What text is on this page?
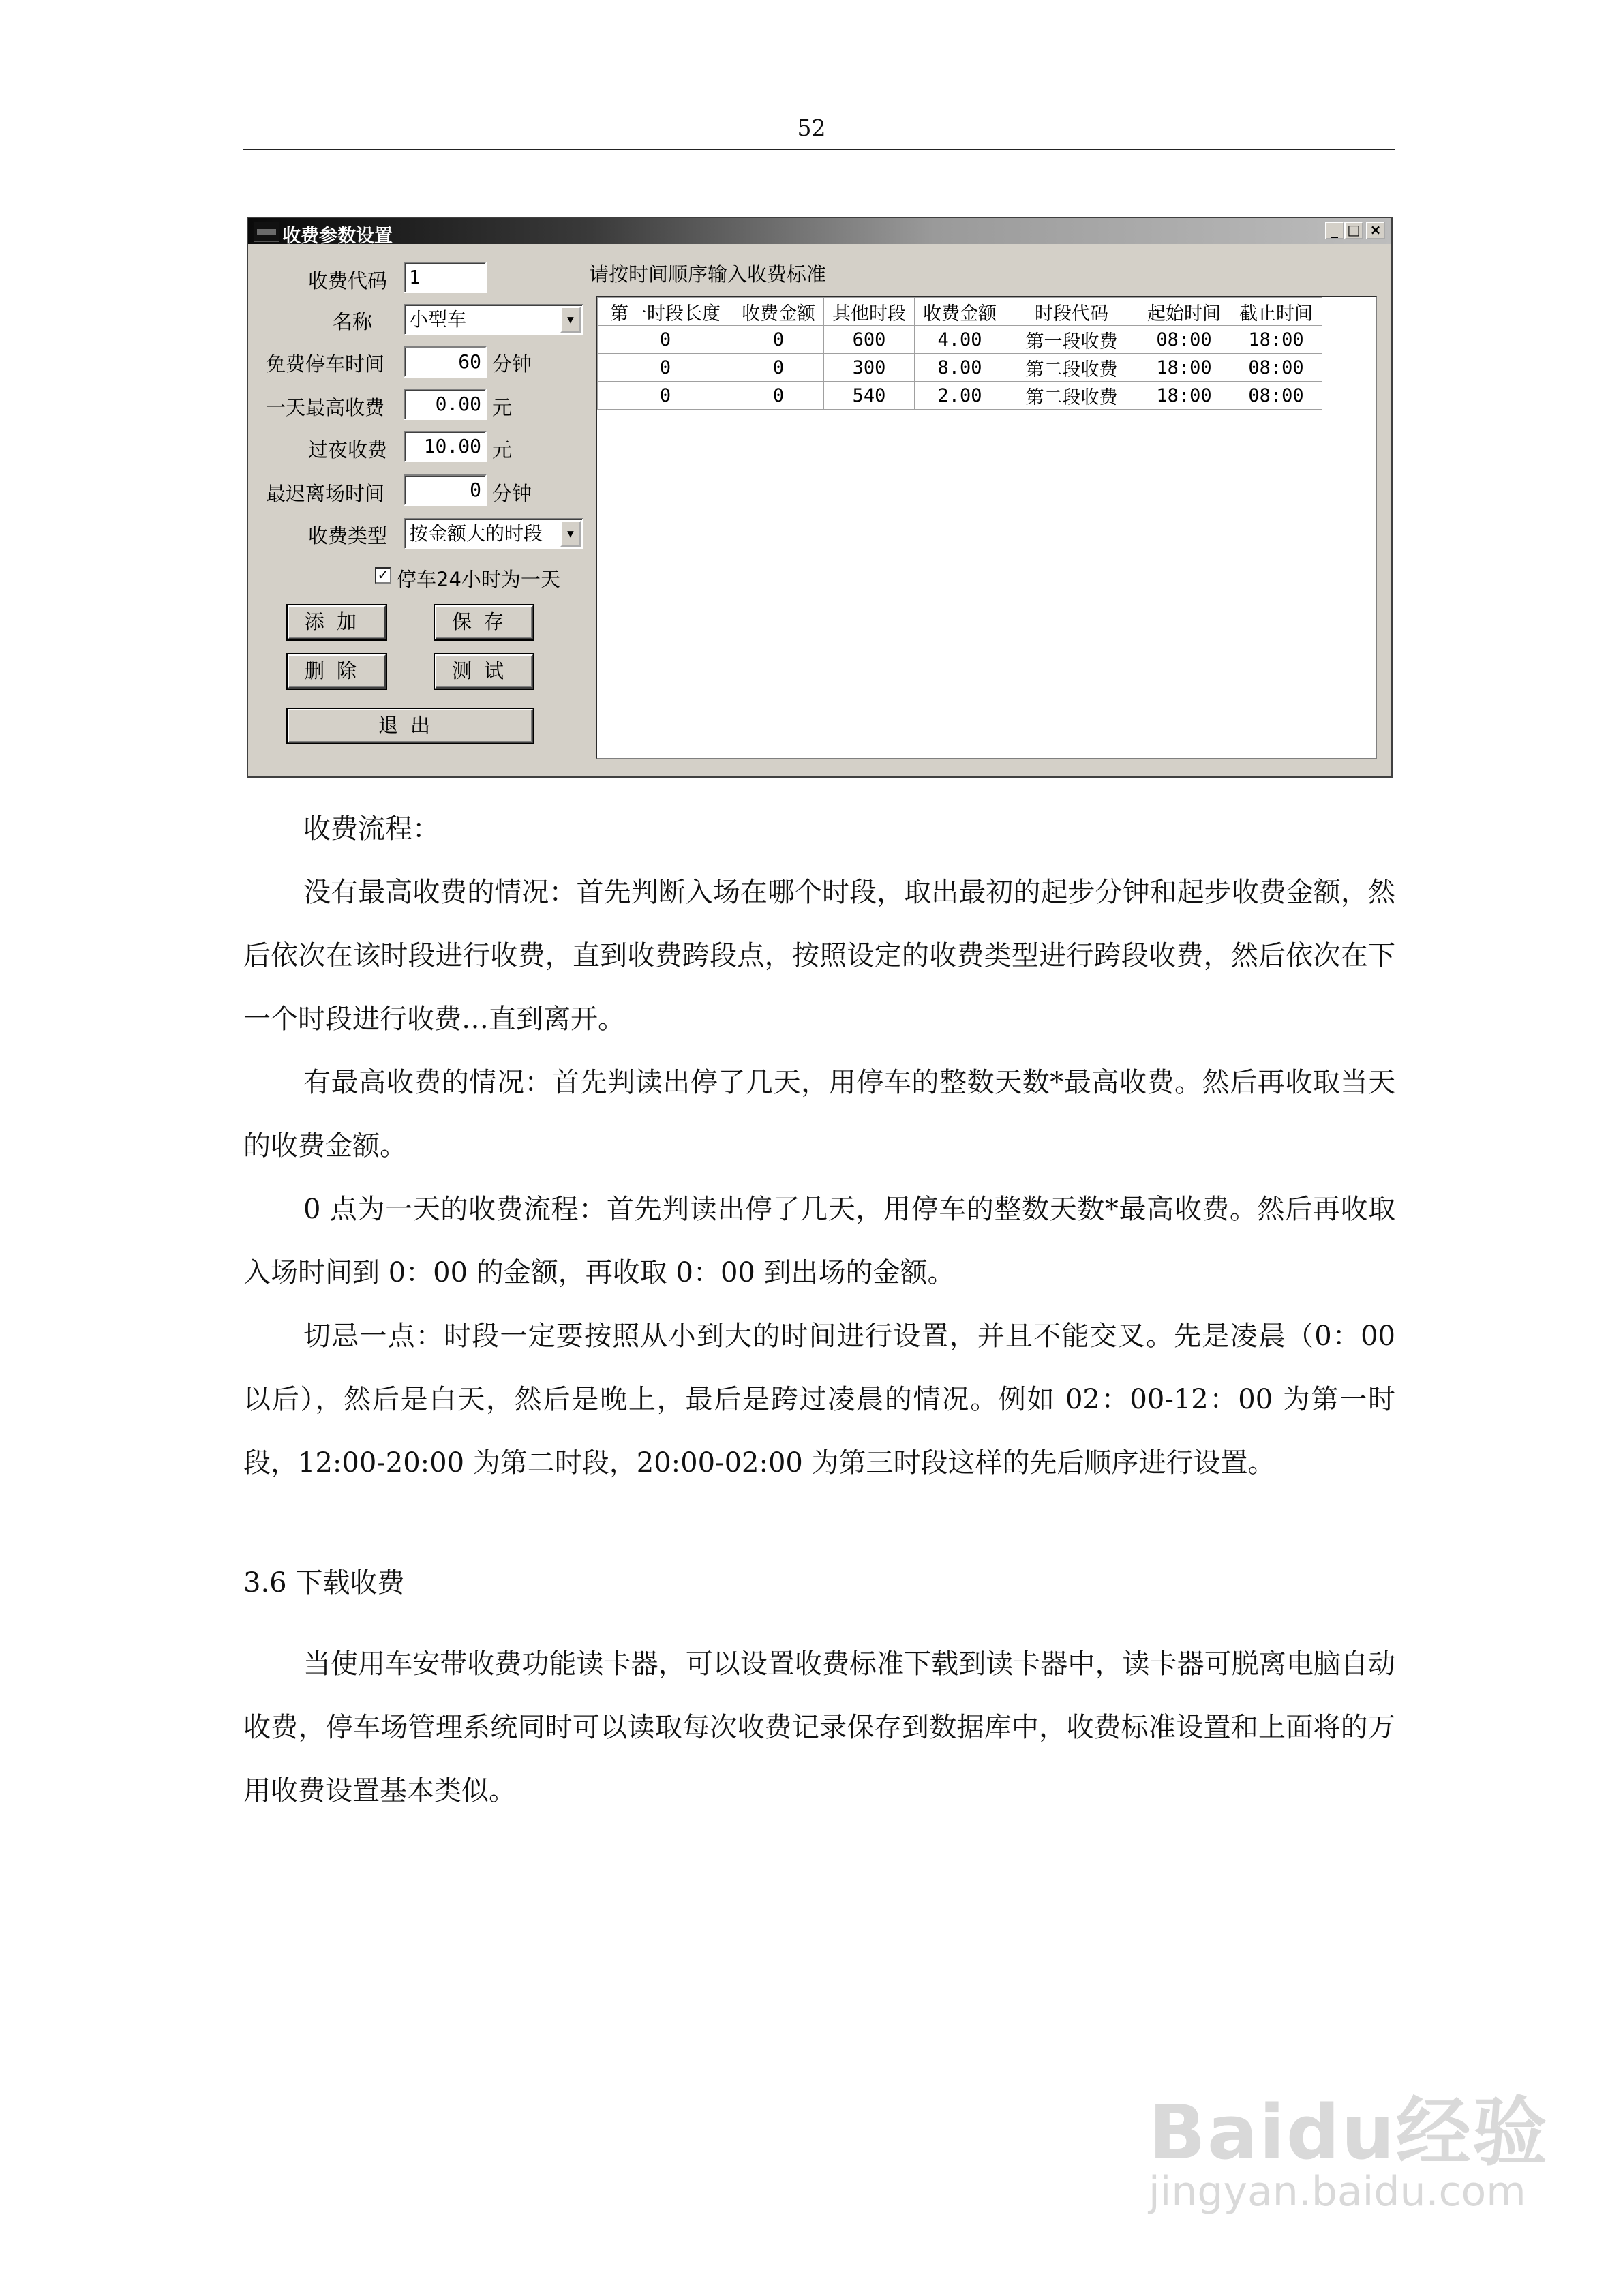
52
收费参数设置	_ □ ×
收费代码 1
名称 小型车	▼
免费停车时间	60 分钟
一天最高收费	0.00 元
过夜收费	10.00 元
最迟离场时间	0 分钟
收费类型 按金额大的时段	▼
✓ 停车24小时为一天
添加	保存
删除	测试
退出
请按时间顺序输入收费标准
第一时段长度	收费金额	其他时段	收费金额	时段代码	起始时间	截止时间
0	0	600	4.00	第一段收费	08:00	18:00
0	0	300	8.00	第二段收费	18:00	08:00
0	0	540	2.00	第二段收费	18:00	08:00

收费流程：

没有最高收费的情况：首先判断入场在哪个时段，取出最初的起步分钟和起步收费金额，然后依次在该时段进行收费，直到收费跨段点，按照设定的收费类型进行跨段收费，然后依次在下一个时段进行收费…直到离开。

有最高收费的情况：首先判读出停了几天，用停车的整数天数*最高收费。然后再收取当天的收费金额。

0 点为一天的收费流程：首先判读出停了几天，用停车的整数天数*最高收费。然后再收取入场时间到 0：00 的金额，再收取 0：00 到出场的金额。

切忌一点：时段一定要按照从小到大的时间进行设置，并且不能交叉。先是凌晨（0：00 以后），然后是白天，然后是晚上，最后是跨过凌晨的情况。例如 02：00-12：00 为第一时段，12:00-20:00 为第二时段，20:00-02:00 为第三时段这样的先后顺序进行设置。

3.6 下载收费

当使用车安带收费功能读卡器，可以设置收费标准下载到读卡器中，读卡器可脱离电脑自动收费，停车场管理系统同时可以读取每次收费记录保存到数据库中，收费标准设置和上面将的万用收费设置基本类似。

Baidu经验
jingyan.baidu.com
